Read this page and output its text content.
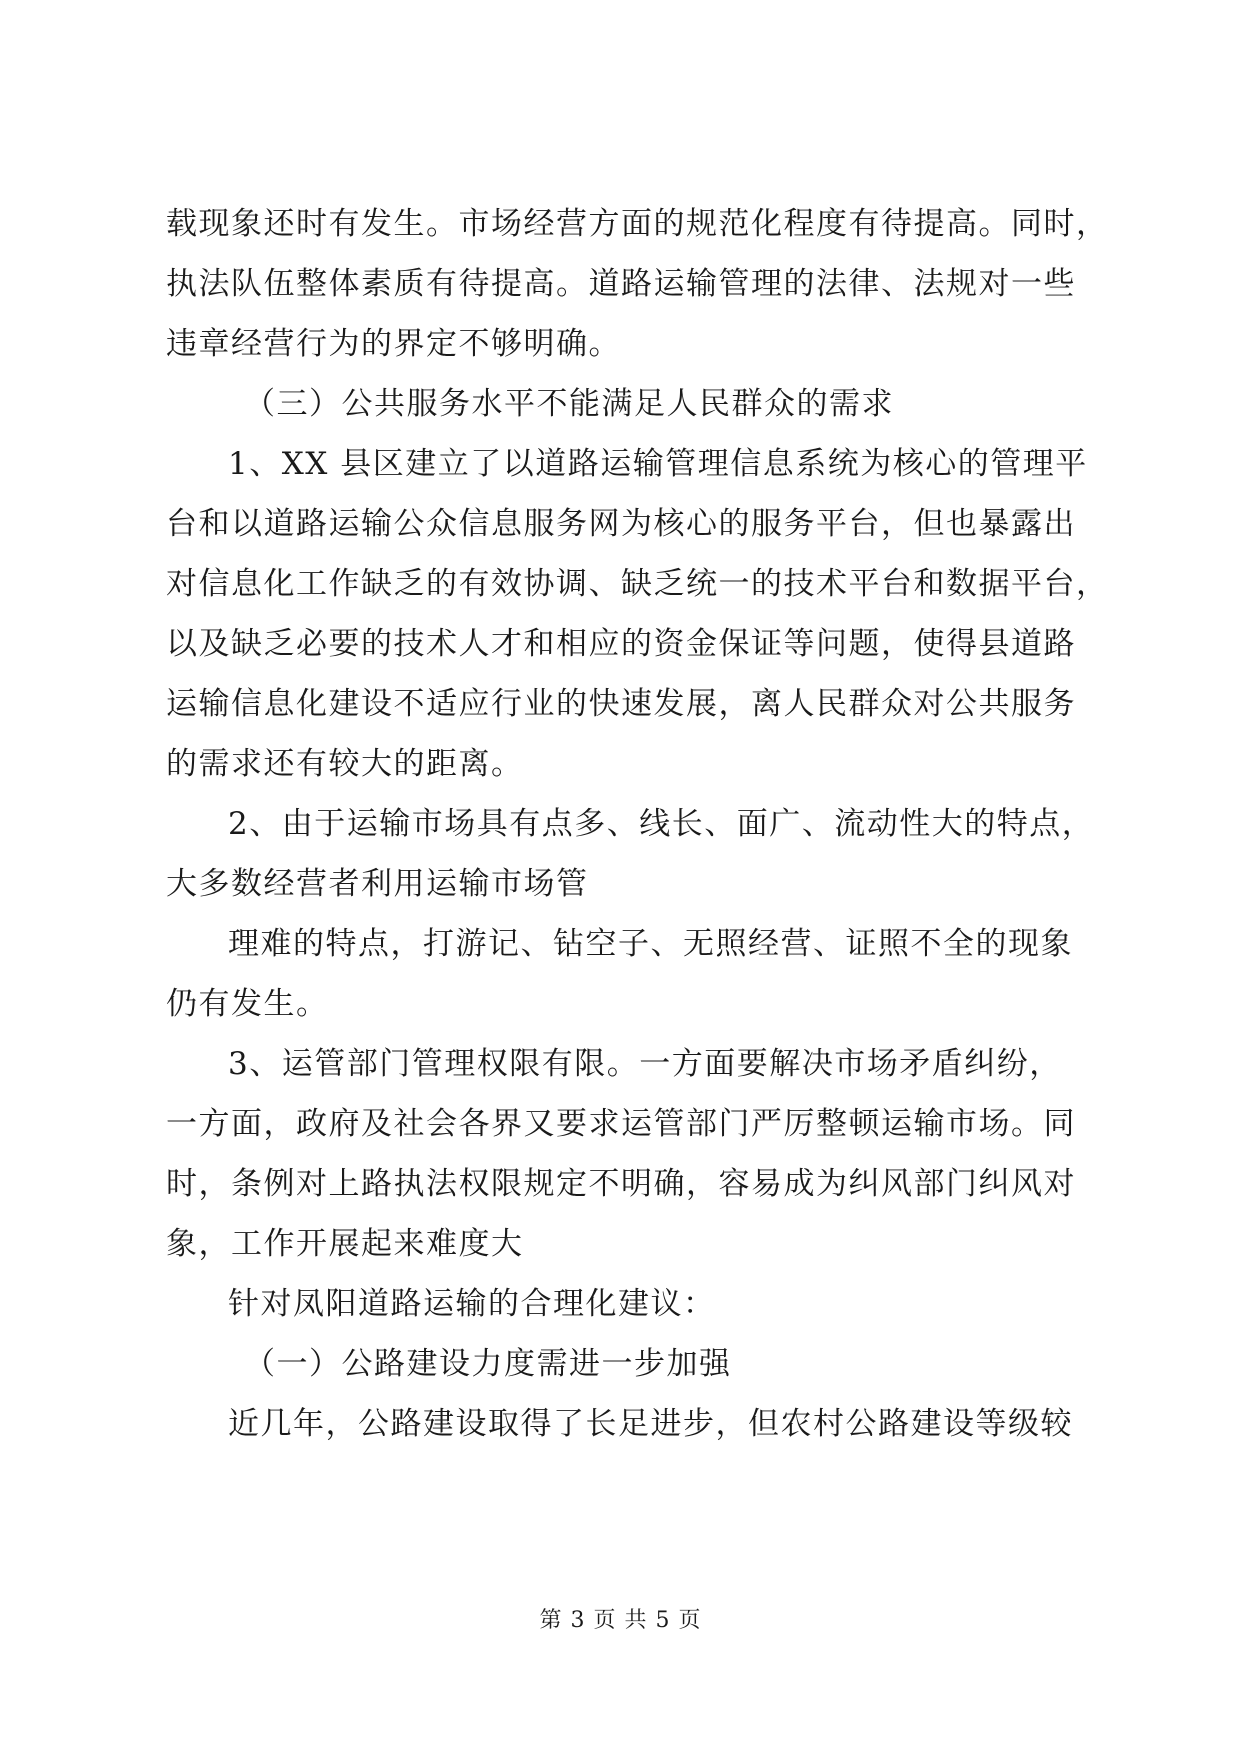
载现象还时有发生。市场经营方面的规范化程度有待提高。同时，
执法队伍整体素质有待提高。道路运输管理的法律、法规对一些
违章经营行为的界定不够明确。
（三）公共服务水平不能满足人民群众的需求
1、XX 县区建立了以道路运输管理信息系统为核心的管理平
台和以道路运输公众信息服务网为核心的服务平台，但也暴露出
对信息化工作缺乏的有效协调、缺乏统一的技术平台和数据平台，
以及缺乏必要的技术人才和相应的资金保证等问题，使得县道路
运输信息化建设不适应行业的快速发展，离人民群众对公共服务
的需求还有较大的距离。
2、由于运输市场具有点多、线长、面广、流动性大的特点，
大多数经营者利用运输市场管
理难的特点，打游记、钻空子、无照经营、证照不全的现象
仍有发生。
3、运管部门管理权限有限。一方面要解决市场矛盾纠纷，
一方面，政府及社会各界又要求运管部门严厉整顿运输市场。同
时，条例对上路执法权限规定不明确，容易成为纠风部门纠风对
象，工作开展起来难度大
针对凤阳道路运输的合理化建议：
（一）公路建设力度需进一步加强
近几年，公路建设取得了长足进步，但农村公路建设等级较
第 3 页 共 5 页
